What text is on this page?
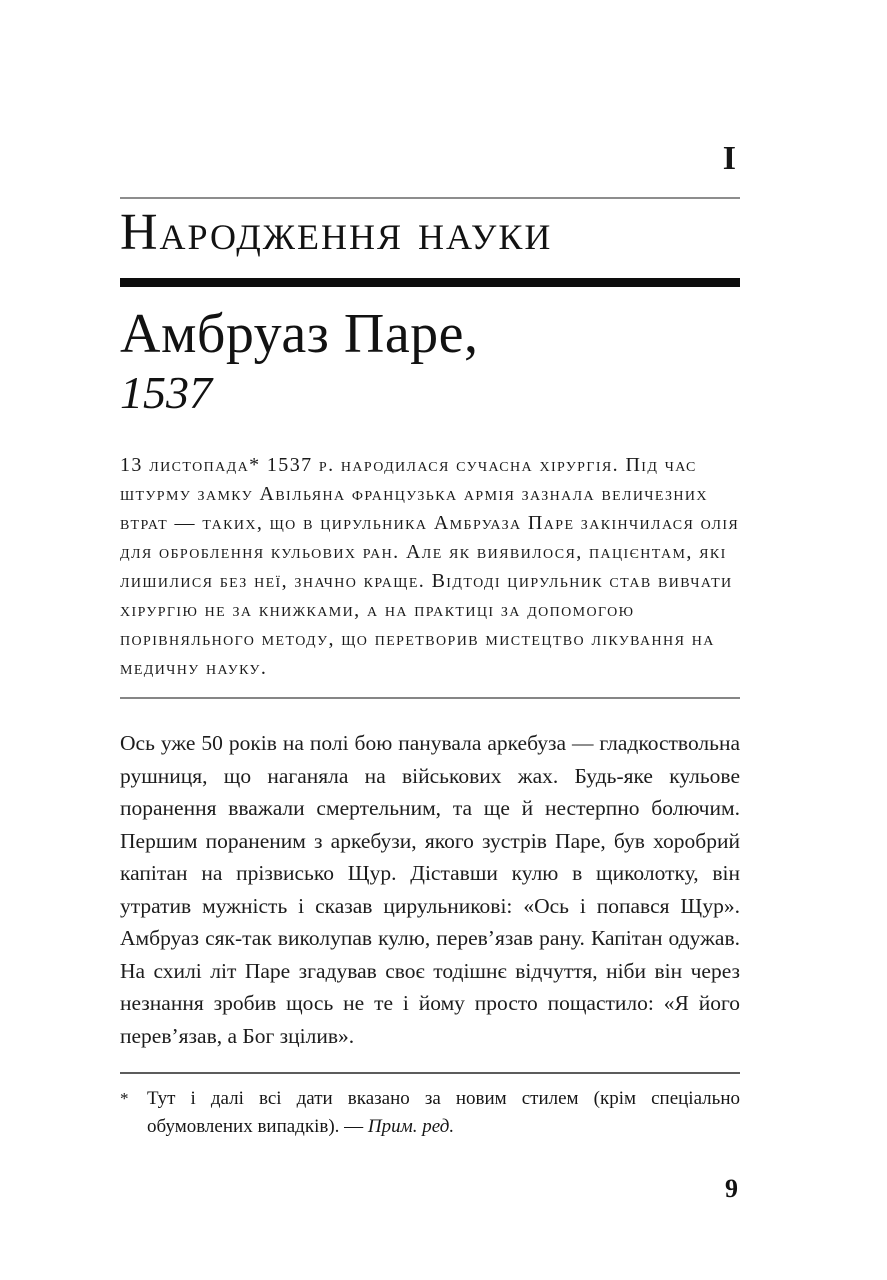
I
Народження науки
Амбруаз Паре,
1537

13 листопада* 1537 р. народилася сучасна хірургія. Під час штурму замку Авільяна французька армія зазнала величезних втрат — таких, що в цирульника Амбруаза Паре закінчилася олія для оброблення кульових ран. Але як виявилося, пацієнтам, які лишилися без неї, значно краще. Відтоді цирульник став вивчати хірургію не за книжками, а на практиці за допомогою порівняльного методу, що перетворив мистецтво лікування на медичну науку.

Ось уже 50 років на полі бою панувала аркебуза — гладкоствольна рушниця, що наганяла на військових жах. Будь-яке кульове поранення вважали смертельним, та ще й нестерпно болючим. Першим пораненим з аркебузи, якого зустрів Паре, був хоробрий капітан на прізвисько Щур. Діставши кулю в щиколотку, він утратив мужність і сказав цирульникові: «Ось і попався Щур». Амбруаз сяк-так виколупав кулю, перев’язав рану. Капітан одужав. На схилі літ Паре згадував своє тодішнє відчуття, ніби він через незнання зробив щось не те і йому просто пощастило: «Я його перев’язав, а Бог зцілив».

* Тут і далі всі дати вказано за новим стилем (крім спеціально обумовлених випадків). — Прим. ред.
9
